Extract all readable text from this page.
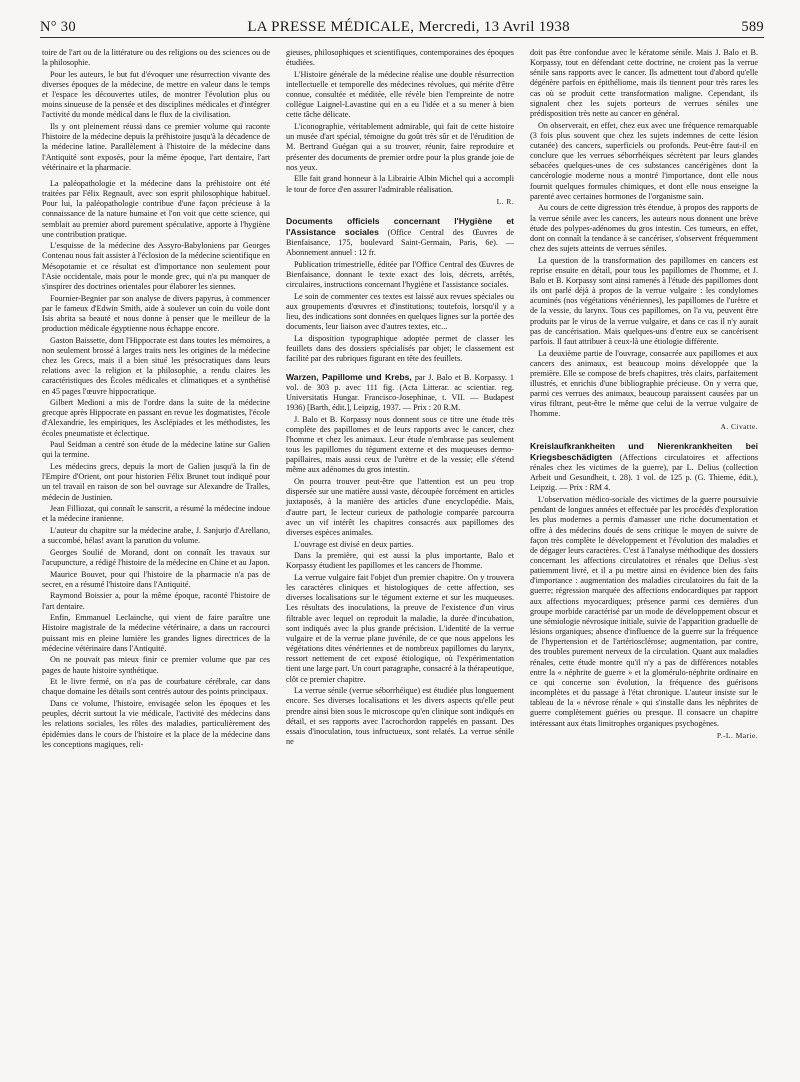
N° 30	LA PRESSE MÉDICALE, Mercredi, 13 Avril 1938	589

toire de l'art ou de la littérature ou des religions ou des sciences ou de la philosophie.

Pour les auteurs, le but fut d'évoquer une résurrection vivante des diverses époques de la médecine, de mettre en valeur dans le temps et l'espace les découvertes utiles, de montrer l'évolution plus ou moins sinueuse de la pensée et des disciplines médicales et d'intégrer l'activité du monde médical dans le flux de la civilisation.

Ils y ont pleinement réussi dans ce premier volume qui raconte l'histoire de la médecine depuis la préhistoire jusqu'à la décadence de la médecine latine. Parallèlement à l'histoire de la médecine dans l'Antiquité sont exposés, pour la même époque, l'art dentaire, l'art vétérinaire et la pharmacie.

La paléopathologie et la médecine dans la préhistoire ont été traitées par Félix Regnault, avec son esprit philosophique habituel. Pour lui, la paléopathologie contribue d'une façon précieuse à la connaissance de la nature humaine et l'on voit que cette science, qui semblait au premier abord purement spéculative, apporte à l'hygiène une contribution pratique.

L'esquisse de la médecine des Assyro-Babyloniens par Georges Contenau nous fait assister à l'éclosion de la médecine scientifique en Mésopotamie et ce résultat est d'importance non seulement pour l'Asie occidentale, mais pour le monde grec, qui n'a pu manquer de s'inspirer des doctrines orientales pour élaborer les siennes.

Fournier-Begnier par son analyse de divers papyrus, à commencer par le fameux d'Edwin Smith, aide à soulever un coin du voile dont Isis abrita sa beauté et nous donne à penser que le meilleur de la production médicale égyptienne nous échappe encore.

Gaston Baissette, dont l'Hippocrate est dans toutes les mémoires, a non seulement brossé à larges traits nets les origines de la médecine chez les Grecs, mais il a bien situé les présocratiques dans leurs relations avec la religion et la philosophie, a rendu claires les caractéristiques des Écoles médicales et climatiques et a synthétisé en 45 pages l'œuvre hippocratique.

Gilbert Medioni a mis de l'ordre dans la suite de la médecine grecque après Hippocrate en passant en revue les dogmatistes, l'école d'Alexandrie, les empiriques, les Asclépiades et les méthodistes, les écoles pneumatiste et éclectique.

Paul Seidman a centré son étude de la médecine latine sur Galien qui la termine.

Les médecins grecs, depuis la mort de Galien jusqu'à la fin de l'Empire d'Orient, ont pour historien Félix Brunet tout indiqué pour un tel travail en raison de son bel ouvrage sur Alexandre de Tralles, médecin de Justinien.

Jean Filliozat, qui connaît le sanscrit, a résumé la médecine indoue et la médecine iranienne.

L'auteur du chapitre sur la médecine arabe, J. Sanjurjo d'Arellano, a succombé, hélas! avant la parution du volume.

Georges Soulié de Morand, dont on connaît les travaux sur l'acupuncture, a rédigé l'histoire de la médecine en Chine et au Japon.

Maurice Bouvet, pour qui l'histoire de la pharmacie n'a pas de secret, en a résumé l'histoire dans l'Antiquité.

Raymond Boissier a, pour la même époque, raconté l'histoire de l'art dentaire.

Enfin, Emmanuel Leclainche, qui vient de faire paraître une Histoire magistrale de la médecine vétérinaire, a dans un raccourci puissant mis en pleine lumière les grandes lignes directrices de la médecine vétérinaire dans l'Antiquité.

On ne pouvait pas mieux finir ce premier volume que par ces pages de haute histoire synthétique.

Et le livre fermé, on n'a pas de courbature cérébrale, car dans chaque domaine les détails sont centrés autour des points principaux.

Dans ce volume, l'histoire, envisagée selon les époques et les peuples, décrit surtout la vie médicale, l'activité des médecins dans les relations sociales, les rôles des maladies, particulièrement des épidémies dans le cours de l'histoire et la place de la médecine dans les conceptions magiques, reli-

gieuses, philosophiques et scientifiques, contemporaines des époques étudiées.

L'Histoire générale de la médecine réalise une double résurrection intellectuelle et temporelle des médecines révolues, qui mérite d'être connue, consultée et méditée, elle révèle bien l'empreinte de notre collègue Laignel-Lavastine qui en a eu l'idée et a su mener à bien cette tâche délicate.

L'iconographie, véritablement admirable, qui fait de cette histoire un musée d'art spécial, témoigne du goût très sûr et de l'érudition de M. Bertrand Guégan qui a su trouver, réunir, faire reproduire et présenter des documents de premier ordre pour la plus grande joie de nos yeux.

Elle fait grand honneur à la Librairie Albin Michel qui a accompli le tour de force d'en assurer l'admirable réalisation.

L. R.

Documents officiels concernant l'Hygiène et l'Assistance sociales (Office Central des Œuvres de Bienfaisance, 175, boulevard Saint-Germain, Paris, 6e). — Abonnement annuel : 12 fr.

Publication trimestrielle, éditée par l'Office Central des Œuvres de Bienfaisance, donnant le texte exact des lois, décrets, arrêtés, circulaires, instructions concernant l'hygiène et l'assistance sociales.

Le soin de commenter ces textes est laissé aux revues spéciales ou aux groupements d'œuvres et d'institutions; toutefois, lorsqu'il y a lieu, des indications sont données en quelques lignes sur la portée des documents, leur liaison avec d'autres textes, etc...

La disposition typographique adoptée permet de classer les feuillets dans des dossiers spécialisés par objet; le classement est facilité par des rubriques figurant en tête des feuillets.

Warzen, Papillome und Krebs, par J. Balo et B. Korpassy. 1 vol. de 303 p. avec 111 fig. (Acta Litterar. ac scientiar. reg. Universitatis Hungar. Francisco-Josephinae, t. VII. — Budapest 1936) [Barth, édit.], Leipzig, 1937. — Prix : 20 R.M.

J. Balo et B. Korpassy nous donnent sous ce titre une étude très complète des papillomes et de leurs rapports avec le cancer, chez l'homme et chez les animaux. Leur étude n'embrasse pas seulement tous les papillomes du tégument externe et des muqueuses dermo-papillaires, mais aussi ceux de l'urètre et de la vessie; elle s'étend même aux adénomes du gros intestin.

On pourra trouver peut-être que l'attention est un peu trop dispersée sur une matière aussi vaste, découpée forcément en articles juxtaposés, à la manière des articles d'une encyclopédie. Mais, d'autre part, le lecteur curieux de pathologie comparée parcourra avec un vif intérêt les chapitres consacrés aux papillomes des diverses espèces animales.

L'ouvrage est divisé en deux parties.

Dans la première, qui est aussi la plus importante, Balo et Korpassy étudient les papillomes et les cancers de l'homme.

La verrue vulgaire fait l'objet d'un premier chapitre. On y trouvera les caractères cliniques et histologiques de cette affection, ses diverses localisations sur le tégument externe et sur les muqueuses. Les résultats des inoculations, la preuve de l'existence d'un virus filtrable avec lequel on reproduit la maladie, la durée d'incubation, sont indiqués avec la plus grande précision. L'identité de la verrue vulgaire et de la verrue plane juvénile, de ce que nous appelons les végétations dites vénériennes et de nombreux papillomes du larynx, ressort nettement de cet exposé étiologique, où l'expérimentation tient une large part. Un court paragraphe, consacré à la thérapeutique, clôt ce premier chapitre.

La verrue sénile (verrue séborrhéique) est étudiée plus longuement encore. Ses diverses localisations et les divers aspects qu'elle peut prendre ainsi bien sous le microscope qu'en clinique sont indiqués en détail, et ses rapports avec l'acrochordon rappelés en passant. Des essais d'inoculation, tous infructueux, sont relatés. La verrue sénile ne

doit pas être confondue avec le kératome sénile. Mais J. Balo et B. Korpassy, tout en défendant cette doctrine, ne croient pas la verrue sénile sans rapports avec le cancer. Ils admettent tout d'abord qu'elle dégénère parfois en épithéliome, mais ils tiennent pour très rares les cas où se produit cette transformation maligne. Cependant, ils signalent chez les sujets porteurs de verrues séniles une prédisposition très nette au cancer en général.

On observerait, en effet, chez eux avec une fréquence remarquable (3 fois plus souvent que chez les sujets indemnes de cette lésion cutanée) des cancers, superficiels ou profonds. Peut-être faut-il en conclure que les verrues séborrhéiques sécrètent par leurs glandes sébacées quelques-unes de ces substances cancérigènes dont la cancérologie moderne nous a montré l'importance, dont elle nous fournit quelques formules chimiques, et dont elle nous enseigne la parenté avec certaines hormones de l'organisme sain.

Au cours de cette digression très étendue, à propos des rapports de la verrue sénile avec les cancers, les auteurs nous donnent une brève étude des polypes-adénomes du gros intestin. Ces tumeurs, en effet, dont on connaît la tendance à se cancériser, s'observent fréquemment chez des sujets atteints de verrues séniles.

La question de la transformation des papillomes en cancers est reprise ensuite en détail, pour tous les papillomes de l'homme, et J. Balo et B. Korpassy sont ainsi ramenés à l'étude des papillomes dont ils ont parlé déjà à propos de la verrue vulgaire : les condylomes acuminés (nos végétations vénériennes), les papillomes de l'urètre et de la vessie, du larynx. Tous ces papillomes, on l'a vu, peuvent être produits par le virus de la verrue vulgaire, et dans ce cas il n'y aurait pas de cancérisation. Mais quelques-uns d'entre eux se cancérisent parfois. Il faut attribuer à ceux-là une étiologie différente.

La deuxième partie de l'ouvrage, consacrée aux papillomes et aux cancers des animaux, est beaucoup moins développée que la première. Elle se compose de brefs chapitres, très clairs, parfaitement illustrés, et enrichis d'une bibliographie précieuse. On y verra que, parmi ces verrues des animaux, beaucoup paraissent causées par un virus filtrant, peut-être le même que celui de la verrue vulgaire de l'homme.

A. Civatte.

Kreislaufkrankheiten und Nierenkrankheiten bei Kriegsbeschädigten (Affections circulatoires et affections rénales chez les victimes de la guerre), par L. Delius (collection Arbeit und Gesundheit, t. 28). 1 vol. de 125 p. (G. Thieme, édit.), Leipzig. — Prix : RM 4.

L'observation médico-sociale des victimes de la guerre poursuivie pendant de longues années et effectuée par les procédés d'exploration les plus modernes a permis d'amasser une riche documentation et offre à des médecins doués de sens critique le moyen de suivre de façon très complète le développement et l'évolution des maladies et de dégager leurs caractères. C'est à l'analyse méthodique des dossiers concernant les affections circulatoires et rénales que Delius s'est patiemment livré, et il a pu mettre ainsi en évidence bien des faits d'importance : augmentation des maladies circulatoires du fait de la guerre; régression marquée des affections endocardiques par rapport aux affections myocardiques; présence parmi ces dernières d'un groupe morbide caractérisé par un mode de développement obscur et une sémiologie névrosique initiale, suivie de l'apparition graduelle de lésions organiques; absence d'influence de la guerre sur la fréquence de l'hypertension et de l'artériosclérose; augmentation, par contre, des troubles purement nerveux de la circulation. Quant aux maladies rénales, cette étude montre qu'il n'y a pas de différences notables entre la « néphrite de guerre » et la glomérulo-néphrite ordinaire en ce qui concerne son évolution, la fréquence des guérisons incomplètes et du passage à l'état chronique. L'auteur insiste sur le tableau de la « névrose rénale » qui s'installe dans les néphrites de guerre complètement guéries ou presque. Il consacre un chapitre intéressant aux états limitrophes organiques psychogènes.

P.-L. Marie.
